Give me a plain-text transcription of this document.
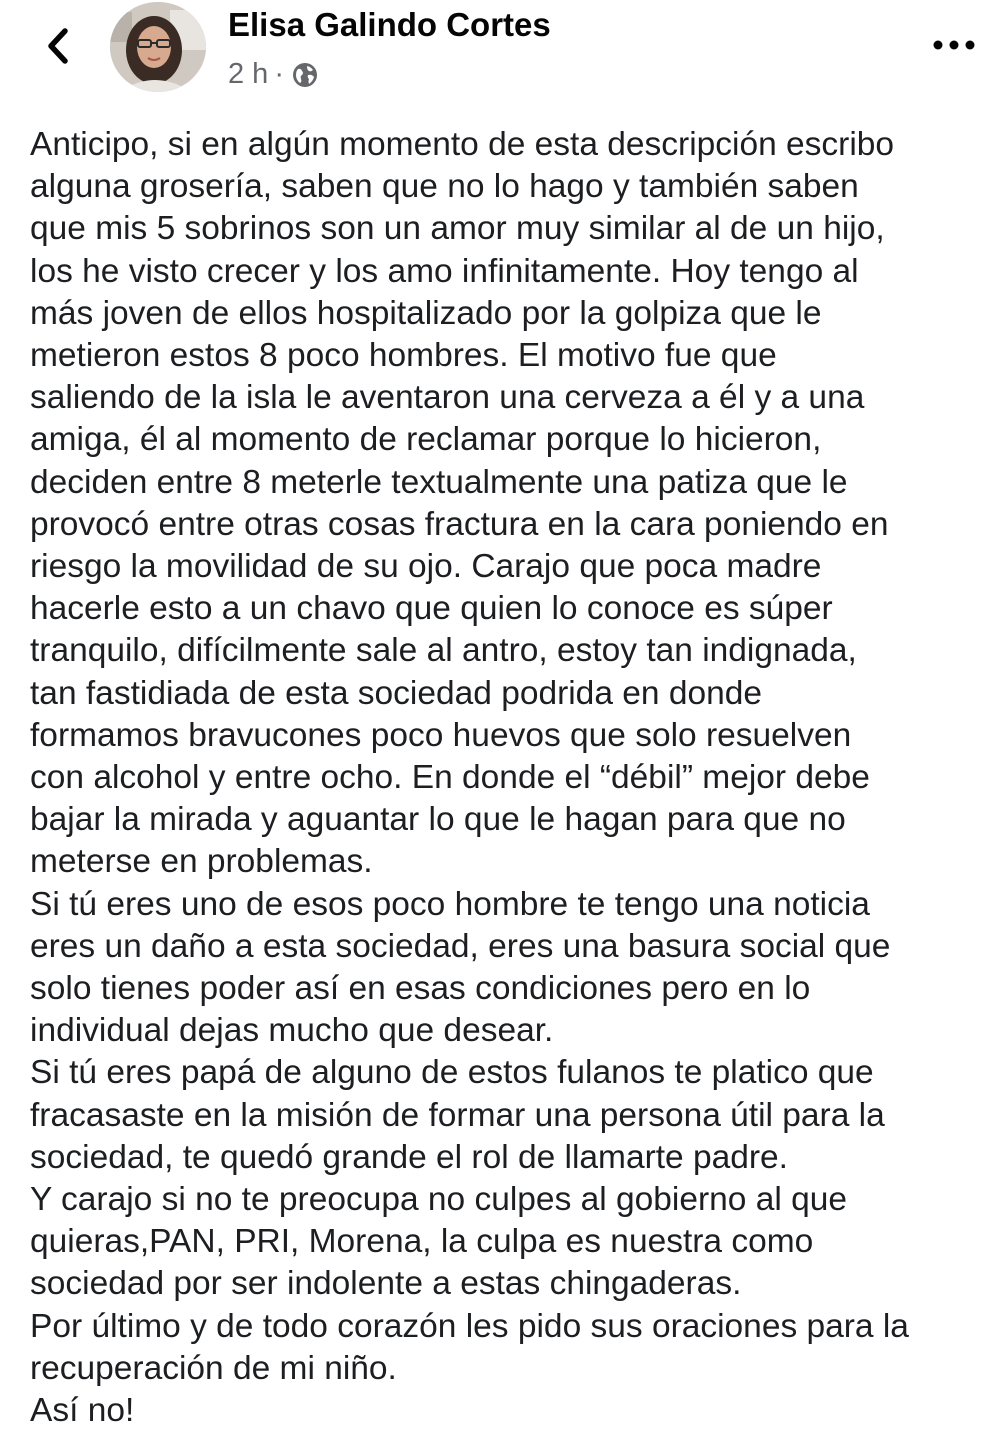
Elisa Galindo Cortes
2 h ·
Anticipo, si en algún momento de esta descripción escribo
alguna grosería, saben que no lo hago y también saben
que mis 5 sobrinos son un amor muy similar al de un hijo,
los he visto crecer y los amo infinitamente. Hoy tengo al
más joven de ellos hospitalizado por la golpiza que le
metieron estos 8 poco hombres. El motivo fue que
saliendo de la isla le aventaron una cerveza a él y a una
amiga, él al momento de reclamar porque lo hicieron,
deciden entre 8 meterle textualmente una patiza que le
provocó entre otras cosas fractura en la cara poniendo en
riesgo la movilidad de su ojo. Carajo que poca madre
hacerle esto a un chavo que quien lo conoce es súper
tranquilo, difícilmente sale al antro, estoy tan indignada,
tan fastidiada de esta sociedad podrida en donde
formamos bravucones poco huevos que solo resuelven
con alcohol y entre ocho. En donde el “débil” mejor debe
bajar la mirada y aguantar lo que le hagan para que no
meterse en problemas.
Si tú eres uno de esos poco hombre te tengo una noticia
eres un daño a esta sociedad, eres una basura social que
solo tienes poder así en esas condiciones pero en lo
individual dejas mucho que desear.
Si tú eres papá de alguno de estos fulanos te platico que
fracasaste en la misión de formar una persona útil para la
sociedad, te quedó grande el rol de llamarte padre.
Y carajo si no te preocupa no culpes al gobierno al que
quieras,PAN, PRI, Morena, la culpa es nuestra como
sociedad por ser indolente a estas chingaderas.
Por último y de todo corazón les pido sus oraciones para la
recuperación de mi niño.
Así no!
